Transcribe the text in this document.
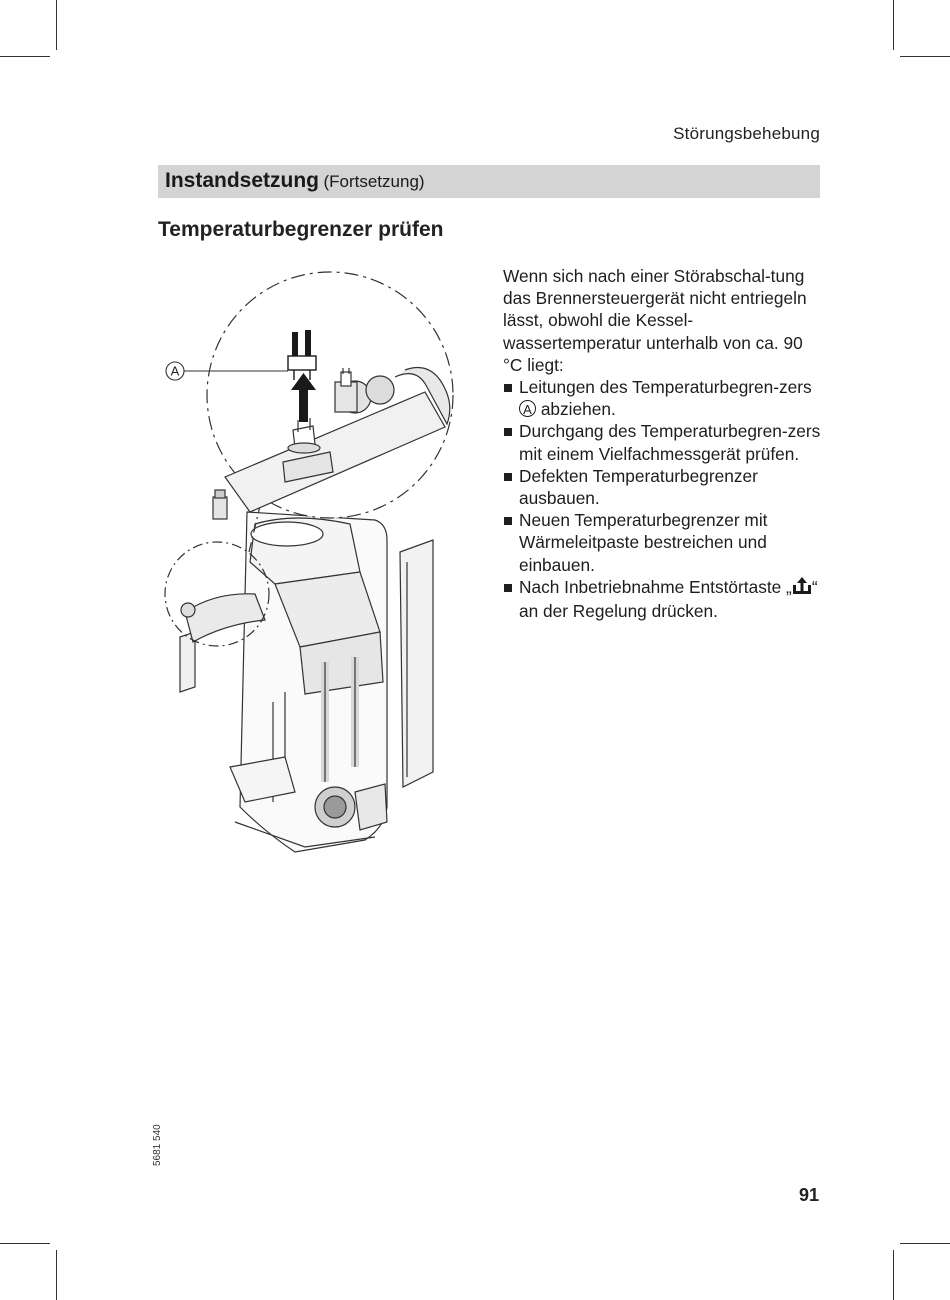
Störungsbehebung
Instandsetzung (Fortsetzung)
Temperaturbegrenzer prüfen
A

Wenn sich nach einer Störabschal-tung das Brennersteuergerät nicht entriegeln lässt, obwohl die Kessel-wassertemperatur unterhalb von ca. 90 °C liegt:

Leitungen des Temperaturbegren-zers A abziehen.
Durchgang des Temperaturbegren-zers mit einem Vielfachmessgerät prüfen.
Defekten Temperaturbegrenzer ausbauen.
Neuen Temperaturbegrenzer mit Wärmeleitpaste bestreichen und einbauen.
Nach Inbetriebnahme Entstörtaste „ “ an der Regelung drücken.
5681 540
91
